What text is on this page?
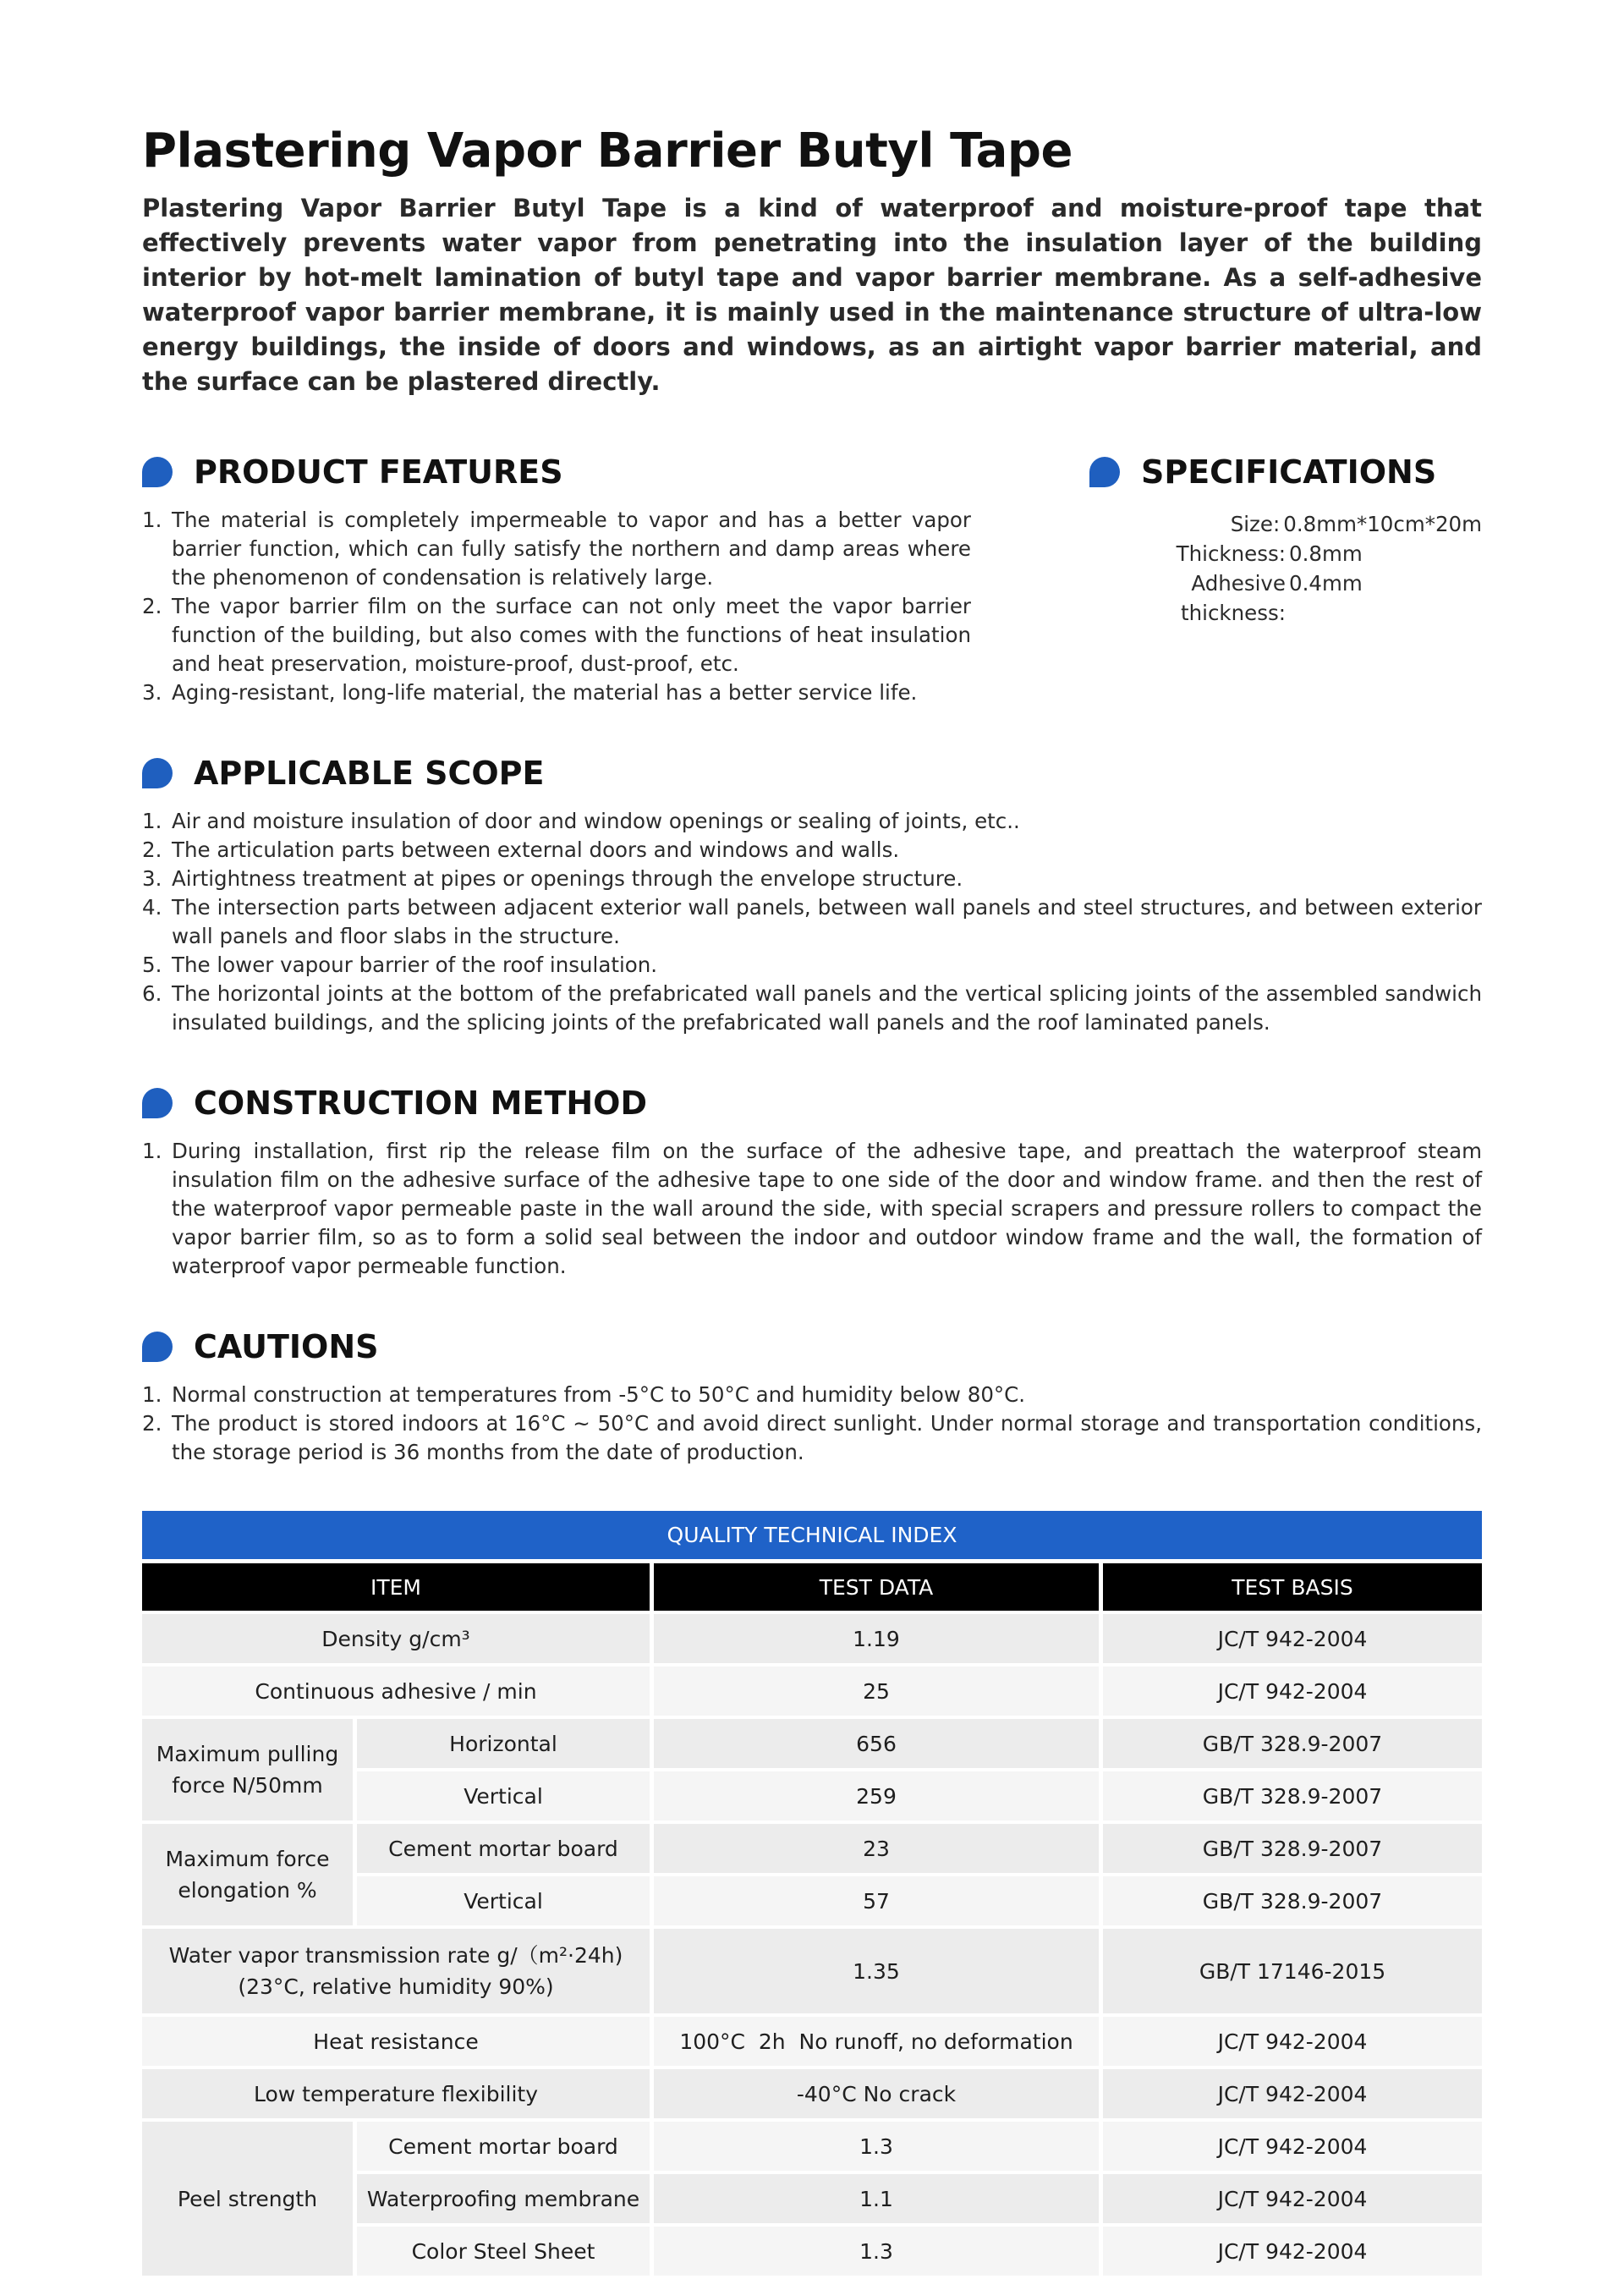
Plastering Vapor Barrier Butyl Tape

Plastering Vapor Barrier Butyl Tape is a kind of waterproof and moisture-proof tape that effectively prevents water vapor from penetrating into the insulation layer of the building interior by hot-melt lamination of butyl tape and vapor barrier membrane. As a self-adhesive waterproof vapor barrier membrane, it is mainly used in the maintenance structure of ultra-low energy buildings, the inside of doors and windows, as an airtight vapor barrier material, and the surface can be plastered directly.

PRODUCT FEATURES
1. The material is completely impermeable to vapor and has a better vapor barrier function, which can fully satisfy the northern and damp areas where the phenomenon of condensation is relatively large.
2. The vapor barrier film on the surface can not only meet the vapor barrier function of the building, but also comes with the functions of heat insulation and heat preservation, moisture-proof, dust-proof, etc.
3. Aging-resistant, long-life material, the material has a better service life.
SPECIFICATIONS
Size: 0.8mm*10cm*20m
Thickness: 0.8mm
Adhesive thickness:
0.4mm
APPLICABLE SCOPE
1. Air and moisture insulation of door and window openings or sealing of joints, etc..
2. The articulation parts between external doors and windows and walls.
3. Airtightness treatment at pipes or openings through the envelope structure.
4. The intersection parts between adjacent exterior wall panels, between wall panels and steel structures, and between exterior wall panels and floor slabs in the structure.
5. The lower vapour barrier of the roof insulation.
6. The horizontal joints at the bottom of the prefabricated wall panels and the vertical splicing joints of the assembled sandwich insulated buildings, and the splicing joints of the prefabricated wall panels and the roof laminated panels.
CONSTRUCTION METHOD
1. During installation, first rip the release film on the surface of the adhesive tape, and preattach the waterproof steam insulation film on the adhesive surface of the adhesive tape to one side of the door and window frame. and then the rest of the waterproof vapor permeable paste in the wall around the side, with special scrapers and pressure rollers to compact the vapor barrier film, so as to form a solid seal between the indoor and outdoor window frame and the wall, the formation of waterproof vapor permeable function.
CAUTIONS
1. Normal construction at temperatures from -5°C to 50°C and humidity below 80°C.
2. The product is stored indoors at 16°C ~ 50°C and avoid direct sunlight. Under normal storage and transportation conditions, the storage period is 36 months from the date of production.
QUALITY TECHNICAL INDEX
ITEM		TEST DATA	TEST BASIS
Density g/cm³		1.19	JC/T 942-2004
Continuous adhesive / min		25	JC/T 942-2004
Maximum pulling force N/50mm	Horizontal	656	GB/T 328.9-2007
	Vertical	259	GB/T 328.9-2007
Maximum force elongation %	Cement mortar board	23	GB/T 328.9-2007
	Vertical	57	GB/T 328.9-2007

Water vapor transmission rate g/（m²·24h)
(23°C, relative humidity 90%)		1.35	GB/T 17146-2015
Heat resistance		100°C  2h  No runoff, no deformation	JC/T 942-2004
Low temperature flexibility		-40°C No crack	JC/T 942-2004
Peel strength	Cement mortar board	1.3	JC/T 942-2004
	Waterproofing membrane	1.1	JC/T 942-2004
	Color Steel Sheet	1.3	JC/T 942-2004
